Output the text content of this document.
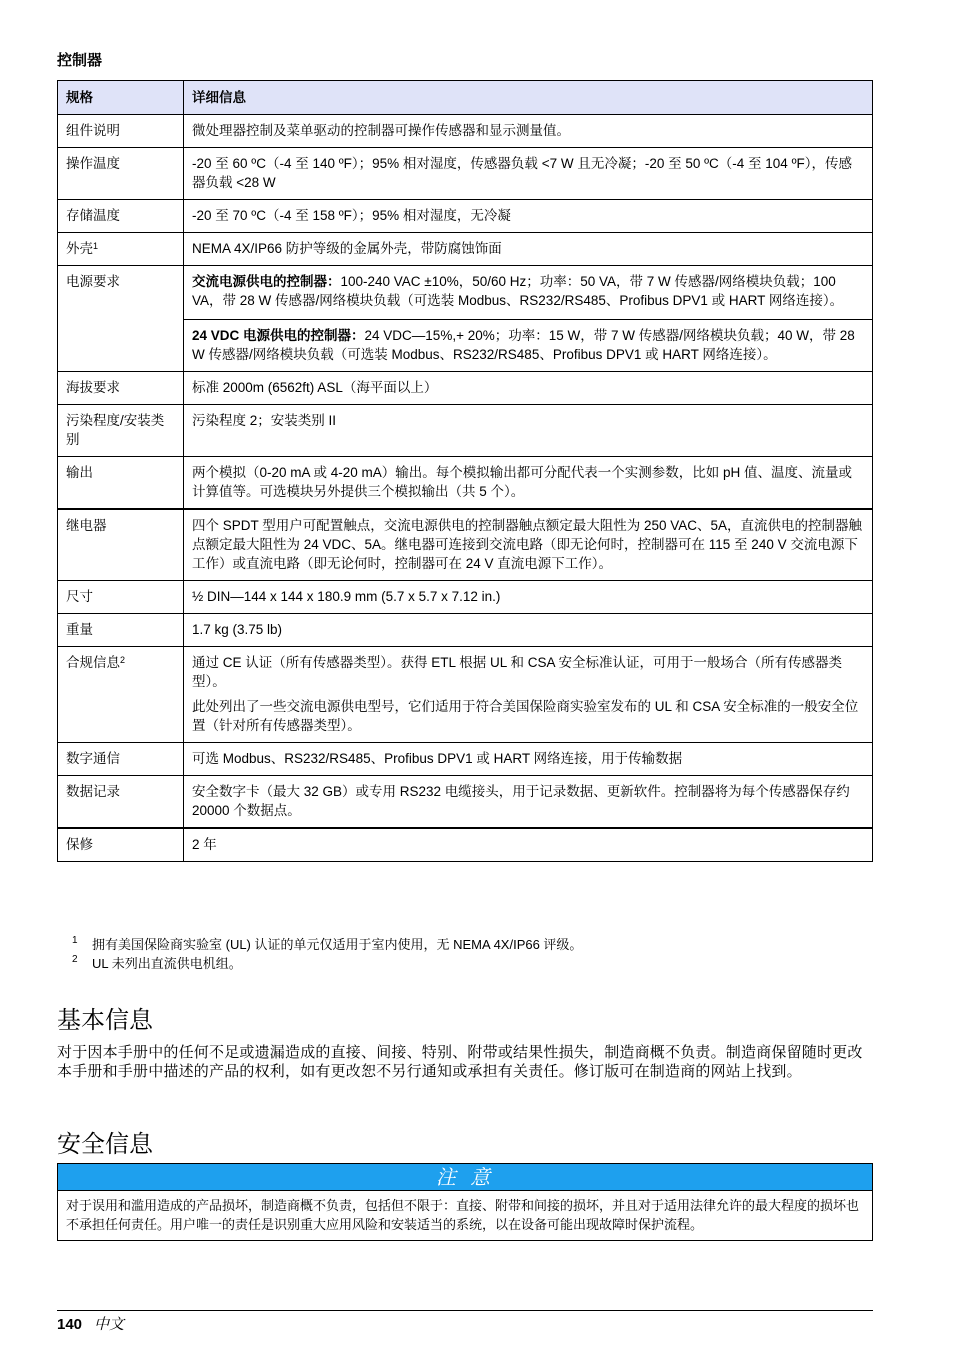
控制器
规格	详细信息
组件说明	微处理器控制及菜单驱动的控制器可操作传感器和显示测量值。
操作温度	-20 至 60 ºC（-4 至 140 ºF）；95% 相对湿度，传感器负载 <7 W 且无冷凝；-20 至 50 ºC（-4 至 104 ºF），传感器负载 <28 W
存储温度	-20 至 70 ºC（-4 至 158 ºF）；95% 相对湿度，无冷凝
外壳$^1$	NEMA 4X/IP66 防护等级的金属外壳，带防腐蚀饰面
电源要求	交流电源供电的控制器：100-240 VAC ±10%，50/60 Hz；功率：50 VA，带 7 W 传感器/网络模块负载；100 VA，带 28 W 传感器/网络模块负载（可选装 Modbus、RS232/RS485、Profibus DPV1 或 HART 网络连接）。
	24 VDC 电源供电的控制器：24 VDC—15%,+ 20%；功率：15 W，带 7 W 传感器/网络模块负载；40 W，带 28 W 传感器/网络模块负载（可选装 Modbus、RS232/RS485、Profibus DPV1 或 HART 网络连接）。
海拔要求	标准 2000m (6562ft) ASL（海平面以上）
污染程度/安装类别	污染程度 2；安装类别 II
输出	两个模拟（0-20 mA 或 4-20 mA）输出。每个模拟输出都可分配代表一个实测参数，比如 pH 值、温度、流量或计算值等。可选模块另外提供三个模拟输出（共 5 个）。
继电器	四个 SPDT 型用户可配置触点，交流电源供电的控制器触点额定最大阻性为 250 VAC、5A，直流供电的控制器触点额定最大阻性为 24 VDC、5A。继电器可连接到交流电路（即无论何时，控制器可在 115 至 240 V 交流电源下工作）或直流电路（即无论何时，控制器可在 24 V 直流电源下工作）。
尺寸	½ DIN—144 x 144 x 180.9 mm (5.7 x 5.7 x 7.12 in.)
重量	1.7 kg (3.75 lb)
合规信息$^2$	通过 CE 认证（所有传感器类型）。获得 ETL 根据 UL 和 CSA 安全标准认证，可用于一般场合（所有传感器类型）。
此处列出了一些交流电源供电型号，它们适用于符合美国保险商实验室发布的 UL 和 CSA 安全标准的一般安全位置（针对所有传感器类型）。

数字通信	可选 Modbus、RS232/RS485、Profibus DPV1 或 HART 网络连接，用于传输数据
数据记录	安全数字卡（最大 32 GB）或专用 RS232 电缆接头，用于记录数据、更新软件。控制器将为每个传感器保存约 20000 个数据点。
保修	2 年
1 拥有美国保险商实验室 (UL) 认证的单元仅适用于室内使用，无 NEMA 4X/IP66 评级。
2 UL 未列出直流供电机组。
基本信息
对于因本手册中的任何不足或遗漏造成的直接、间接、特别、附带或结果性损失，制造商概不负责。制造商保留随时更改本手册和手册中描述的产品的权利，如有更改恕不另行通知或承担有关责任。修订版可在制造商的网站上找到。
安全信息
注 意
对于误用和滥用造成的产品损坏，制造商概不负责，包括但不限于：直接、附带和间接的损坏，并且对于适用法律允许的最大程度的损坏也不承担任何责任。用户唯一的责任是识别重大应用风险和安装适当的系统，以在设备可能出现故障时保护流程。
140 中文
